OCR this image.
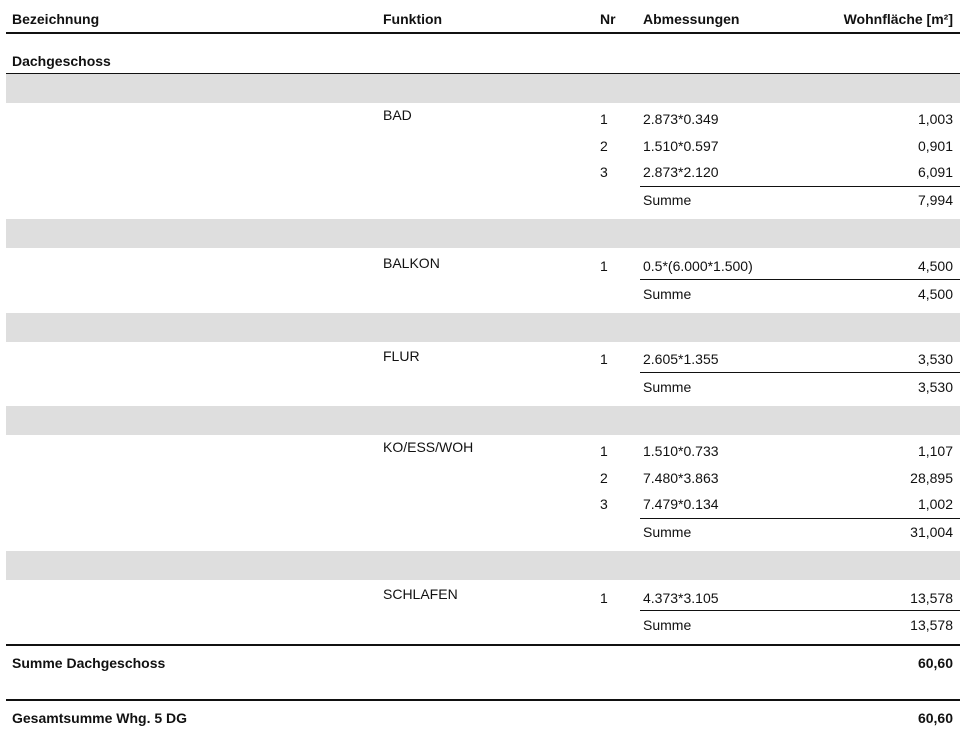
Bezeichnung	Funktion	Nr Abmessungen	Wohnfläche [m²]
Dachgeschoss
BAD	1	2.873*0.349	1,003
2	1.510*0.597	0,901
3	2.873*2.120	6,091
Summe	7,994
BALKON	1	0.5*(6.000*1.500)	4,500
Summe	4,500
FLUR	1	2.605*1.355	3,530
Summe	3,530
KO/ESS/WOH	1	1.510*0.733	1,107
2	7.480*3.863	28,895
3	7.479*0.134	1,002
Summe	31,004
SCHLAFEN	1	4.373*3.105	13,578
Summe	13,578
Summe Dachgeschoss	60,60
Gesamtsumme Whg. 5 DG	60,60
